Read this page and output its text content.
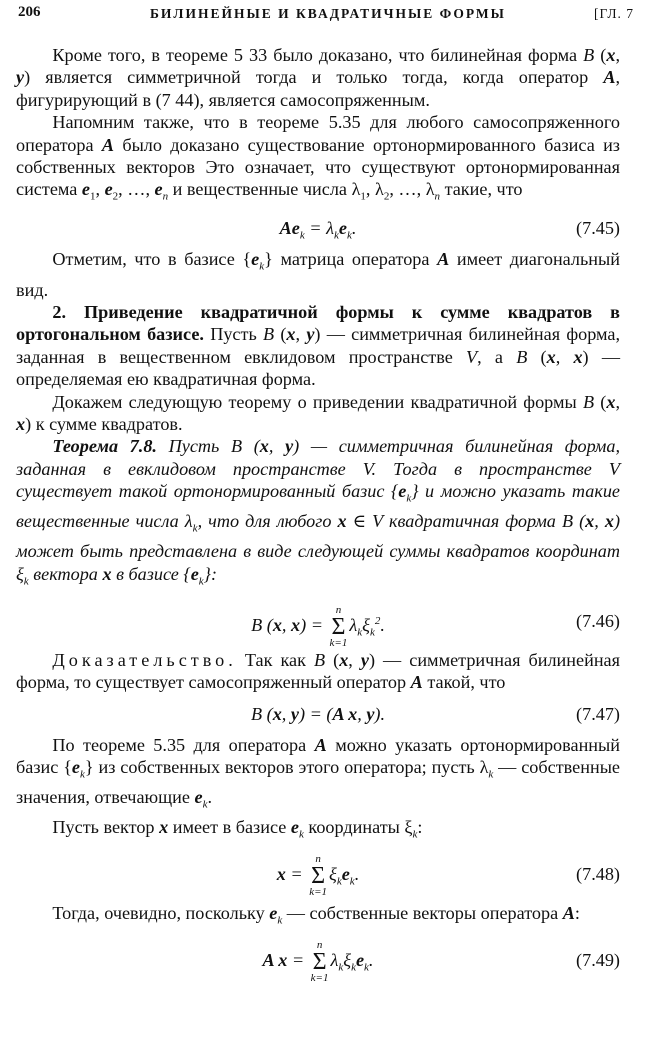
206	БИЛИНЕЙНЫЕ И КВАДРАТИЧНЫЕ ФОРМЫ	[ГЛ. 7

Кроме того, в теореме 5 33 было доказано, что билинейная форма B (x, y) является симметричной тогда и только тогда, когда оператор A, фигурирующий в (7 44), является самосопряженным.

Напомним также, что в теореме 5.35 для любого самосопряженного оператора A было доказано существование ортонормированного базиса из собственных векторов Это означает, что существуют ортонормированная система $e_1$, $e_2$, …, $e_n$ и вещественные числа $\lambda_1$, $\lambda_2$, …, $\lambda_n$ такие, что

$Ae_k = \lambda_ke_k$.	(7.45)

Отметим, что в базисе $\{e_k\}$ матрица оператора A имеет диагональный вид.

2. Приведение квадратичной формы к сумме квадратов в ортогональном базисе. Пусть B (x, y) — симметричная билинейная форма, заданная в вещественном евклидовом пространстве V, а B (x, x) — определяемая ею квадратичная форма.

Докажем следующую теорему о приведении квадратичной формы B (x, x) к сумме квадратов.

Теорема 7.8. Пусть B (x, y) — симметричная билинейная форма, заданная в евклидовом пространстве V. Тогда в пространстве V существует такой ортонормированный базис $\{e_k\}$ и можно указать такие вещественные числа $\lambda_k$, что для любого x ∈ V квадратичная форма B (x, x) может быть представлена в виде следующей суммы квадратов координат $\xi_k$ вектора x в базисе $\{e_k\}$:

B (x, x) =
n
Σ
k=1
$\lambda_k\xi_k^2$.	(7.46)

Доказательство. Так как B (x, y) — симметричная билинейная форма, то существует самосопряженный оператор A такой, что

B (x, y) = (A x, y).	(7.47)

По теореме 5.35 для оператора A можно указать ортонормированный базис $\{e_k\}$ из собственных векторов этого оператора; пусть $\lambda_k$ — собственные значения, отвечающие $e_k$.

Пусть вектор x имеет в базисе $e_k$ координаты $\xi_k$:

x =
n
Σ
k=1
$\xi_ke_k$.	(7.48)

Тогда, очевидно, поскольку $e_k$ — собственные векторы оператора A:

A x =
n
Σ
k=1
$\lambda_k\xi_ke_k$.	(7.49)
